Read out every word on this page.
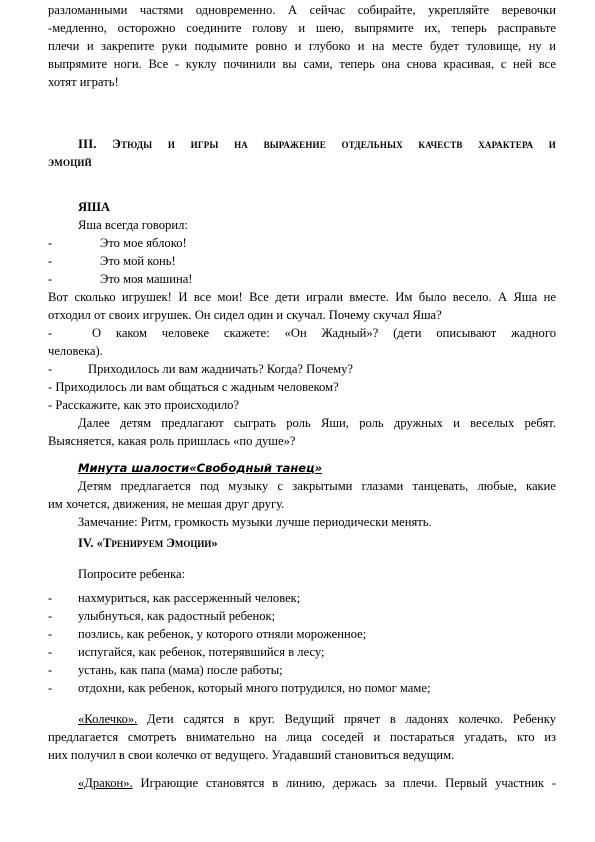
разломанными частями одновременно. А сейчас собирайте, укрепляйте веревочки
-медленно, осторожно соедините голову и шею, выпрямите их, теперь расправьте
плечи и закрепите руки подымите ровно и глубоко и на месте будет туловище, ну и
выпрямите ноги. Все - куклу починили вы сами, теперь она снова красивая, с ней все
хотят играть!
III. Этюды и игры на выражение отдельных качеств характера и
эмоций
ЯША
Яша всегда говорил:
-	Это мое яблоко!
-	Это мой конь!
-	Это моя машина!
Вот сколько игрушек! И все мои! Все дети играли вместе. Им было весело. А Яша не
отходил от своих игрушек. Он сидел один и скучал. Почему скучал Яша?
-	О каком человеке скажете: «Он Жадный»? (дети описывают жадного
человека).
-	Приходилось ли вам жадничать? Когда? Почему?
- Приходилось ли вам общаться с жадным человеком?
- Расскажите, как это происходило?
Далее детям предлагают сыграть роль Яши, роль дружных и веселых ребят.
Выясняется, какая роль пришлась «по душе»?
Минута шалости«Свободный танец»
Детям предлагается под музыку с закрытыми глазами танцевать, любые, какие
им хочется, движения, не мешая друг другу.
Замечание: Ритм, громкость музыки лучше периодически менять.
IV. «Тренируем Эмоции»
Попросите ребенка:
-	нахмуриться, как рассерженный человек;
-	улыбнуться, как радостный ребенок;
-	позлись, как ребенок, у которого отняли мороженное;
-	испугайся, как ребенок, потерявшийся в лесу;
-	устань, как папа (мама) после работы;
-	отдохни, как ребенок, который много потрудился, но помог маме;
«Колечко». Дети садятся в круг. Ведущий прячет в ладонях колечко. Ребенку
предлагается смотреть внимательно на лица соседей и постараться угадать, кто из
них получил в свои колечко от ведущего. Угадавший становиться ведущим.
«Дракон». Играющие становятся в линию, держась за плечи. Первый участник -
